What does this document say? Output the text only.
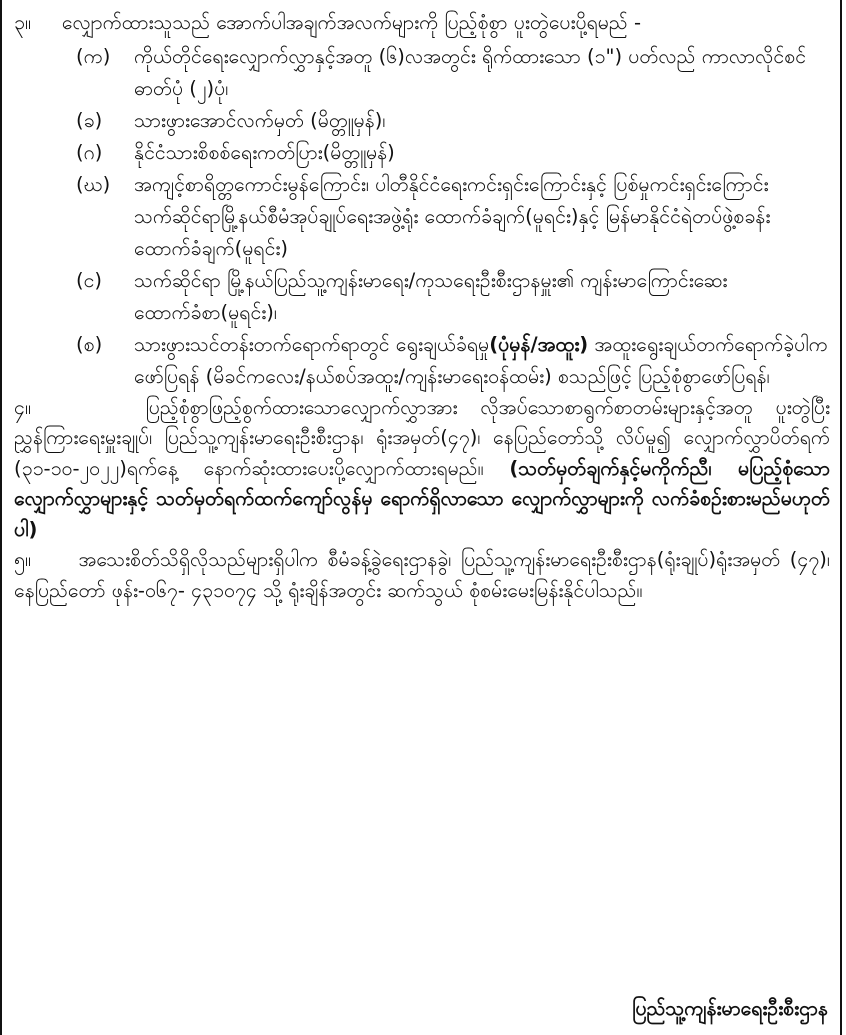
၃။ လျှောက်ထားသူသည် အောက်ပါအချက်အလက်များကို ပြည့်စုံစွာ ပူးတွဲပေးပို့ရမည် -

(က)	ကိုယ်တိုင်ရေးလျှောက်လွှာနှင့်အတူ (၆)လအတွင်း ရိုက်ထားသော (၁") ပတ်လည် ကာလာလိုင်စင်ဓာတ်ပုံ (၂)ပုံ၊
(ခ)	သားဖွားအောင်လက်မှတ် (မိတ္တူမှန်)၊
(ဂ)	နိုင်ငံသားစိစစ်ရေးကတ်ပြား(မိတ္တူမှန်)
(ဃ)	အကျင့်စာရိတ္တကောင်းမွန်ကြောင်း၊ ပါတီနိုင်ငံရေးကင်းရှင်းကြောင်းနှင့် ပြစ်မှုကင်းရှင်းကြောင်း သက်ဆိုင်ရာမြို့နယ်စီမံအုပ်ချုပ်ရေးအဖွဲ့ရုံး ထောက်ခံချက်(မူရင်း)နှင့် မြန်မာနိုင်ငံရဲတပ်ဖွဲ့စခန်းထောက်ခံချက်(မူရင်း)
(င)	သက်ဆိုင်ရာ မြို့နယ်ပြည်သူ့ကျန်းမာရေး/ကုသရေးဦးစီးဌာနမှူး၏ ကျန်းမာကြောင်းဆေးထောက်ခံစာ(မူရင်း)၊
(စ)	သားဖွားသင်တန်းတက်ရောက်ရာတွင် ရွေးချယ်ခံရမှု(ပုံမှန်/အထူး) အထူးရွေးချယ်တက်ရောက်ခဲ့ပါက ဖော်ပြရန် (မိခင်ကလေး/နယ်စပ်အထူး/ကျန်းမာရေးဝန်ထမ်း) စသည်ဖြင့် ပြည့်စုံစွာဖော်ပြရန်၊

၄။	ပြည့်စုံစွာဖြည့်စွက်ထားသောလျှောက်လွှာအား လိုအပ်သောစာရွက်စာတမ်းများနှင့်အတူ ပူးတွဲပြီး ညွှန်ကြားရေးမှူးချုပ်၊ ပြည်သူ့ကျန်းမာရေးဦးစီးဌာန၊ ရုံးအမှတ်(၄၇)၊ နေပြည်တော်သို့ လိပ်မူ၍ လျှောက်လွှာပိတ်ရက် (၃၁-၁၀-၂၀၂၂)ရက်နေ့ နောက်ဆုံးထားပေးပို့လျှောက်ထားရမည်။ (သတ်မှတ်ချက်နှင့်မကိုက်ညီ၊ မပြည့်စုံသောလျှောက်လွှာများနှင့် သတ်မှတ်ရက်ထက်ကျော်လွန်မှ ရောက်ရှိလာသော လျှောက်လွှာများကို လက်ခံစဉ်းစားမည်မဟုတ်ပါ)

၅။ အသေးစိတ်သိရှိလိုသည်များရှိပါက စီမံခန့်ခွဲရေးဌာနခွဲ၊ ပြည်သူ့ကျန်းမာရေးဦးစီးဌာန(ရုံးချုပ်)ရုံးအမှတ် (၄၇)၊ နေပြည်တော် ဖုန်း-၀၆၇- ၄၃၁၀၇၄ သို့ ရုံးချိန်အတွင်း ဆက်သွယ် စုံစမ်းမေးမြန်းနိုင်ပါသည်။

ပြည်သူ့ကျန်းမာရေးဦးစီးဌာန
